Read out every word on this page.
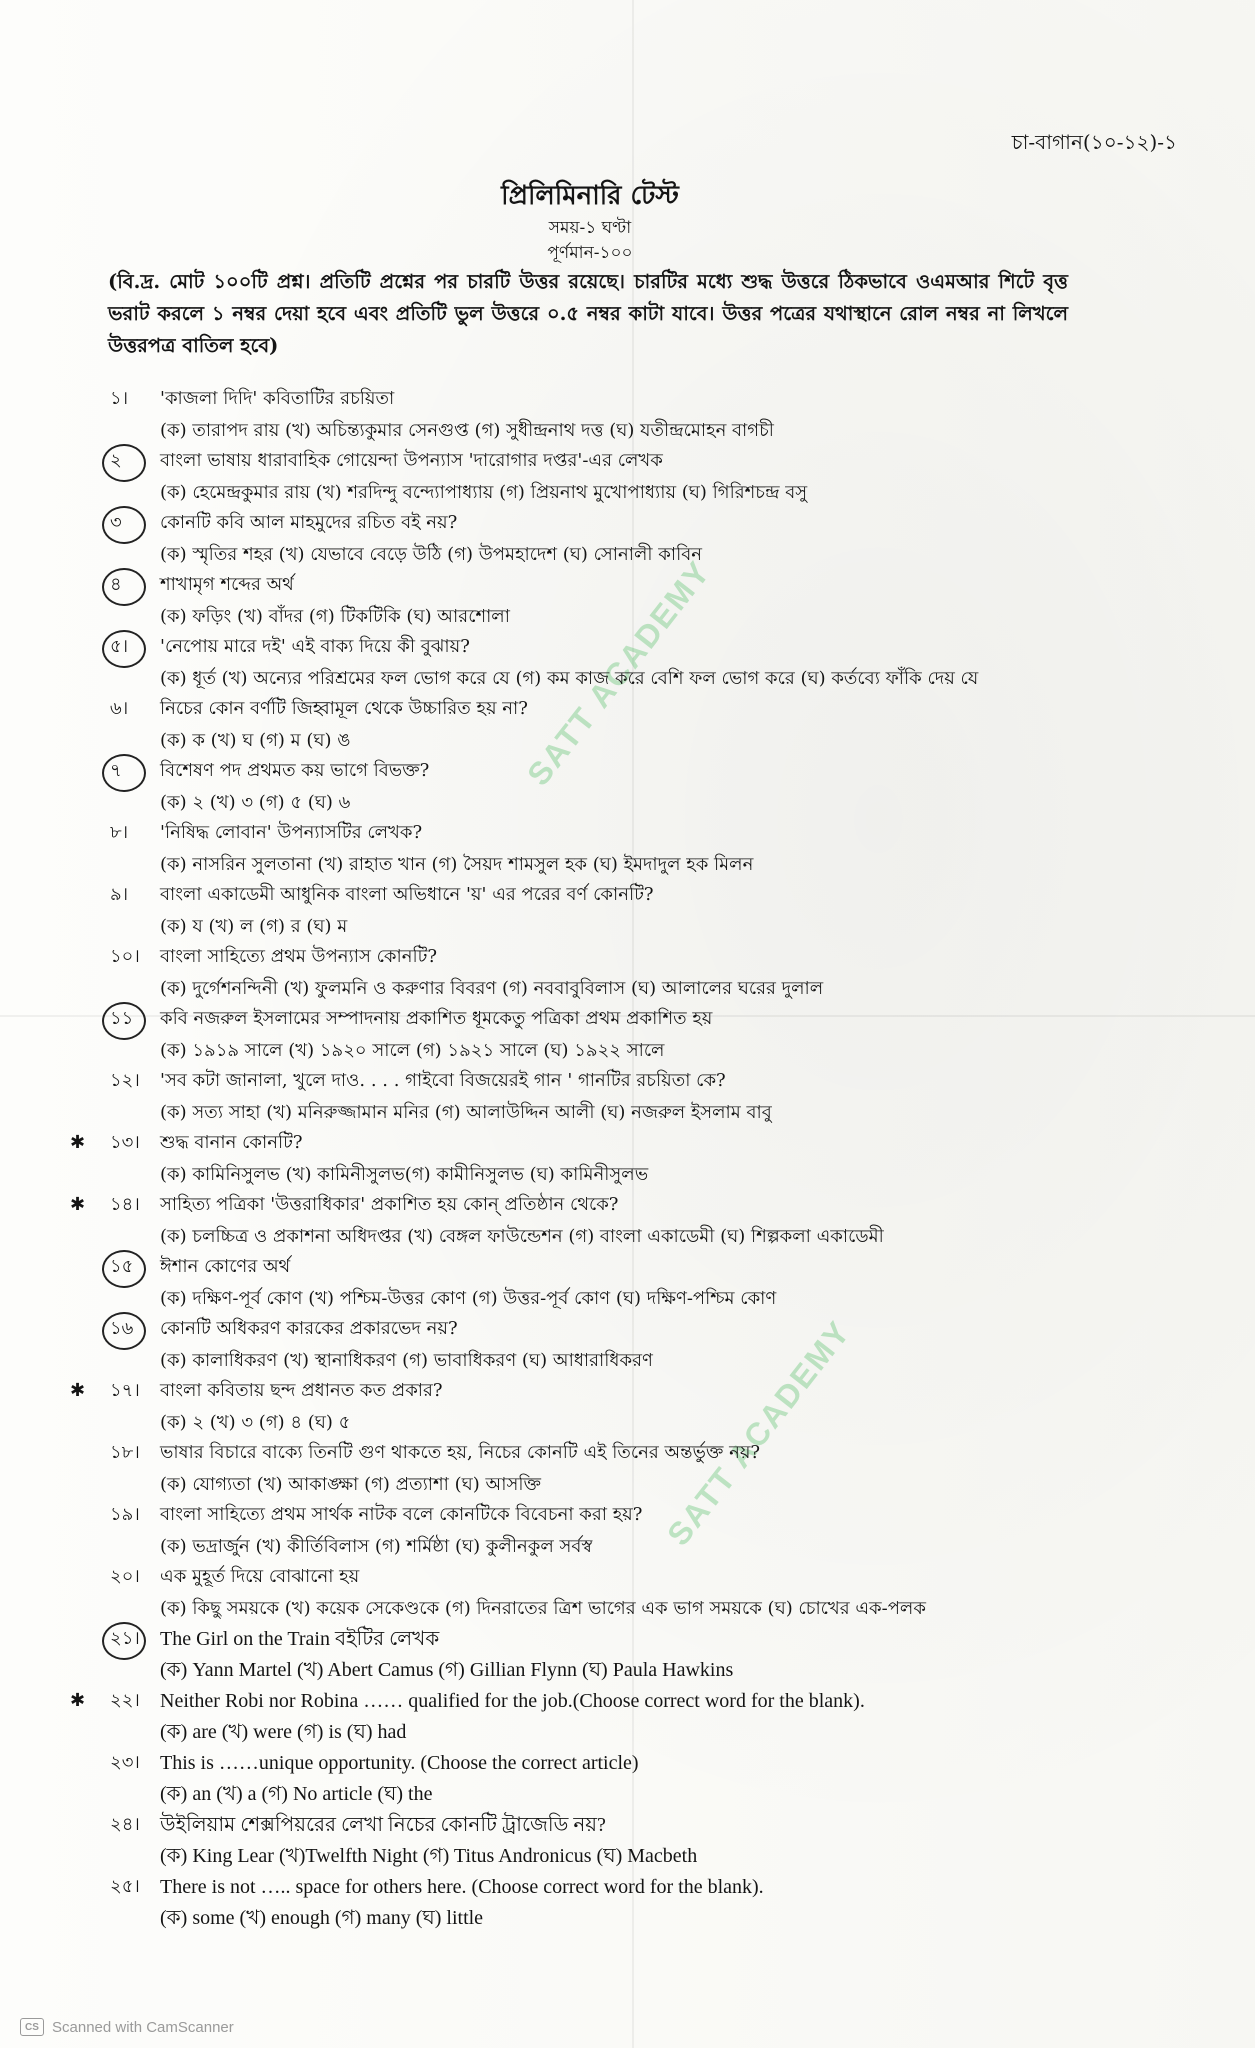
চা-বাগান(১০-১২)-১
প্রিলিমিনারি টেস্ট
সময়-১ ঘণ্টা
পূর্ণমান-১০০
(বি.দ্র. মোট ১০০টি প্রশ্ন। প্রতিটি প্রশ্নের পর চারটি উত্তর রয়েছে। চারটির মধ্যে শুদ্ধ উত্তরে ঠিকভাবে ওএমআর শিটে বৃত্ত ভরাট করলে ১ নম্বর দেয়া হবে এবং প্রতিটি ভুল উত্তরে ০.৫ নম্বর কাটা যাবে। উত্তর পত্রের যথাস্থানে রোল নম্বর না লিখলে উত্তরপত্র বাতিল হবে)
SATT ACADEMY
SATT ACADEMY
১।	'কাজলা দিদি' কবিতাটির রচয়িতা
(ক) তারাপদ রায় (খ) অচিন্ত্যকুমার সেনগুপ্ত (গ) সুধীন্দ্রনাথ দত্ত (ঘ) যতীন্দ্রমোহন বাগচী
২	বাংলা ভাষায় ধারাবাহিক গোয়েন্দা উপন্যাস 'দারোগার দপ্তর'-এর লেখক
(ক) হেমেন্দ্রকুমার রায় (খ) শরদিন্দু বন্দ্যোপাধ্যায় (গ) প্রিয়নাথ মুখোপাধ্যায় (ঘ) গিরিশচন্দ্র বসু
৩	কোনটি কবি আল মাহমুদের রচিত বই নয়?
(ক) স্মৃতির শহর (খ) যেভাবে বেড়ে উঠি (গ) উপমহাদেশ (ঘ) সোনালী কাবিন
৪	শাখামৃগ শব্দের অর্থ
(ক) ফড়িং (খ) বাঁদর (গ) টিকটিকি (ঘ) আরশোলা
৫।	'নেপোয় মারে দই' এই বাক্য দিয়ে কী বুঝায়?
(ক) ধূর্ত (খ) অন্যের পরিশ্রমের ফল ভোগ করে যে (গ) কম কাজ করে বেশি ফল ভোগ করে (ঘ) কর্তব্যে ফাঁকি দেয় যে
৬।	নিচের কোন বর্ণটি জিহ্বামূল থেকে উচ্চারিত হয় না?
(ক) ক (খ) ঘ (গ) ম (ঘ) ঙ
৭	বিশেষণ পদ প্রথমত কয় ভাগে বিভক্ত?
(ক) ২ (খ) ৩ (গ) ৫ (ঘ) ৬
৮।	'নিষিদ্ধ লোবান' উপন্যাসটির লেখক?
(ক) নাসরিন সুলতানা (খ) রাহাত খান (গ) সৈয়দ শামসুল হক (ঘ) ইমদাদুল হক মিলন
৯।	বাংলা একাডেমী আধুনিক বাংলা অভিধানে 'য়' এর পরের বর্ণ কোনটি?
(ক) য (খ) ল (গ) র (ঘ) ম
১০।	বাংলা সাহিত্যে প্রথম উপন্যাস কোনটি?
(ক) দুর্গেশনন্দিনী (খ) ফুলমনি ও করুণার বিবরণ (গ) নববাবুবিলাস (ঘ) আলালের ঘরের দুলাল
১১	কবি নজরুল ইসলামের সম্পাদনায় প্রকাশিত ধূমকেতু পত্রিকা প্রথম প্রকাশিত হয়
(ক) ১৯১৯ সালে (খ) ১৯২০ সালে (গ) ১৯২১ সালে (ঘ) ১৯২২ সালে
১২।	'সব কটা জানালা, খুলে দাও. . . . গাইবো বিজয়েরই গান ' গানটির রচয়িতা কে?
(ক) সত্য সাহা (খ) মনিরুজ্জামান মনির (গ) আলাউদ্দিন আলী (ঘ) নজরুল ইসলাম বাবু
১৩। ✱	শুদ্ধ বানান কোনটি?
(ক) কামিনিসুলভ (খ) কামিনীসুলভ(গ) কামীনিসুলভ (ঘ) কামিনীসুলভ
১৪। ✱	সাহিত্য পত্রিকা 'উত্তরাধিকার' প্রকাশিত হয় কোন্ প্রতিষ্ঠান থেকে?
(ক) চলচ্চিত্র ও প্রকাশনা অধিদপ্তর (খ) বেঙ্গল ফাউন্ডেশন (গ) বাংলা একাডেমী (ঘ) শিল্পকলা একাডেমী
১৫	ঈশান কোণের অর্থ
(ক) দক্ষিণ-পূর্ব কোণ (খ) পশ্চিম-উত্তর কোণ (গ) উত্তর-পূর্ব কোণ (ঘ) দক্ষিণ-পশ্চিম কোণ
১৬	কোনটি অধিকরণ কারকের প্রকারভেদ নয়?
(ক) কালাধিকরণ (খ) স্থানাধিকরণ (গ) ভাবাধিকরণ (ঘ) আধারাধিকরণ
১৭। ✱	বাংলা কবিতায় ছন্দ প্রধানত কত প্রকার?
(ক) ২ (খ) ৩ (গ) ৪ (ঘ) ৫
১৮।	ভাষার বিচারে বাক্যে তিনটি গুণ থাকতে হয়, নিচের কোনটি এই তিনের অন্তর্ভুক্ত নয়?
(ক) যোগ্যতা (খ) আকাঙ্ক্ষা (গ) প্রত্যাশা (ঘ) আসক্তি
১৯।	বাংলা সাহিত্যে প্রথম সার্থক নাটক বলে কোনটিকে বিবেচনা করা হয়?
(ক) ভদ্রার্জুন (খ) কীর্তিবিলাস (গ) শর্মিষ্ঠা (ঘ) কুলীনকুল সর্বস্ব
২০।	এক মুহূর্ত দিয়ে বোঝানো হয়
(ক) কিছু সময়কে (খ) কয়েক সেকেণ্ডকে (গ) দিনরাতের ত্রিশ ভাগের এক ভাগ সময়কে (ঘ) চোখের এক-পলক
২১।	The Girl on the Train বইটির লেখক
(ক) Yann Martel (খ) Abert Camus (গ) Gillian Flynn (ঘ) Paula Hawkins
২২। ✱	Neither Robi nor Robina …… qualified for the job.(Choose correct word for the blank).
(ক) are (খ) were (গ) is (ঘ) had
২৩।	This is ……unique opportunity. (Choose the correct article)
(ক) an (খ) a (গ) No article (ঘ) the
২৪।	উইলিয়াম শেক্সপিয়রের লেখা নিচের কোনটি ট্রাজেডি নয়?
(ক) King Lear (খ)Twelfth Night (গ) Titus Andronicus (ঘ) Macbeth
২৫।	There is not ….. space for others here. (Choose correct word for the blank).
(ক) some (খ) enough (গ) many (ঘ) little
CS Scanned with CamScanner
